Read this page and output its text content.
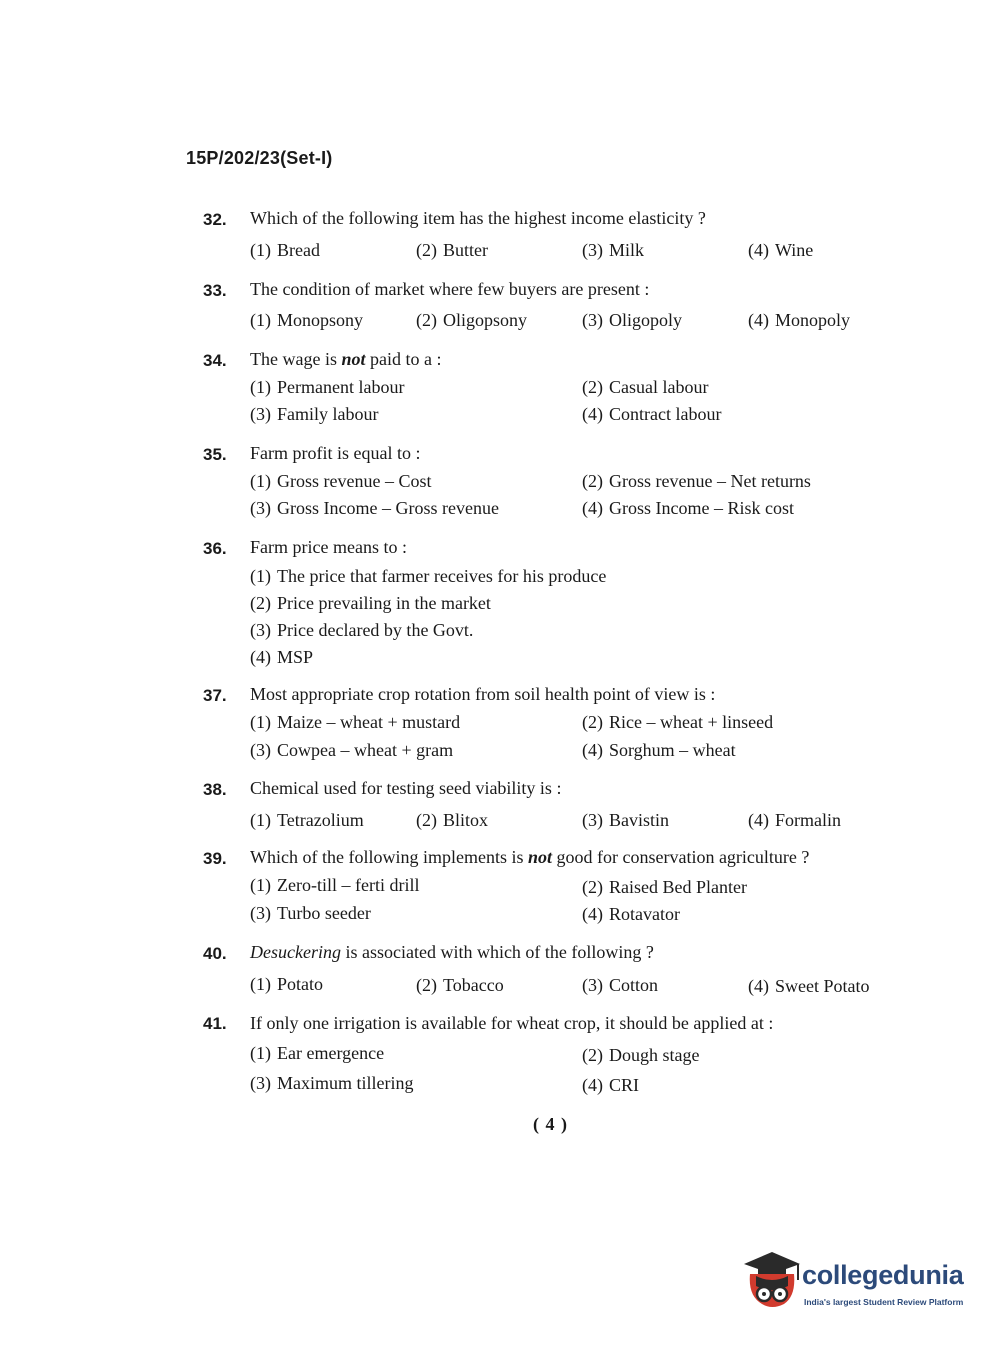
15P/202/23(Set-I)
32. Which of the following item has the highest income elasticity ?
(1) Bread	(2) Butter	(3) Milk	(4) Wine
33. The condition of market where few buyers are present :
(1) Monopsony	(2) Oligopsony	(3) Oligopoly	(4) Monopoly
34. The wage is not paid to a :
(1) Permanent labour	(2) Casual labour
(3) Family labour	(4) Contract labour
35. Farm profit is equal to :
(1) Gross revenue – Cost	(2) Gross revenue – Net returns
(3) Gross Income – Gross revenue	(4) Gross Income – Risk cost
36. Farm price means to :
(1) The price that farmer receives for his produce
(2) Price prevailing in the market
(3) Price declared by the Govt.
(4) MSP
37. Most appropriate crop rotation from soil health point of view is :
(1) Maize – wheat + mustard	(2) Rice – wheat + linseed
(3) Cowpea – wheat + gram	(4) Sorghum – wheat
38. Chemical used for testing seed viability is :
(1) Tetrazolium	(2) Blitox	(3) Bavistin	(4) Formalin
39. Which of the following implements is not good for conservation agriculture ?
(1) Zero-till – ferti drill	(2) Raised Bed Planter
(3) Turbo seeder	(4) Rotavator
40. Desuckering is associated with which of the following ?
(1) Potato	(2) Tobacco	(3) Cotton	(4) Sweet Potato
41. If only one irrigation is available for wheat crop, it should be applied at :
(1) Ear emergence	(2) Dough stage
(3) Maximum tillering	(4) CRI
( 4 )
collegedunia
India's largest Student Review Platform
